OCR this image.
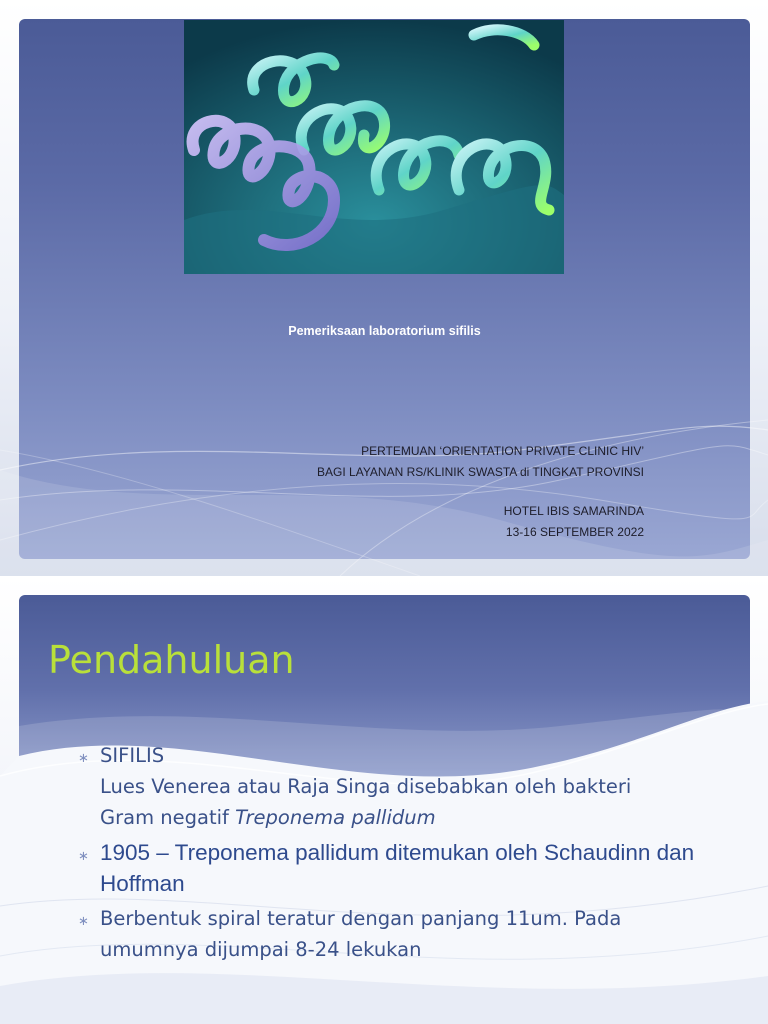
Pemeriksaan laboratorium sifilis
PERTEMUAN ‘ORIENTATION PRIVATE CLINIC HIV’
BAGI LAYANAN RS/KLINIK SWASTA di TINGKAT PROVINSI
HOTEL IBIS SAMARINDA
13-16 SEPTEMBER 2022
Pendahuluan
∗ SIFILIS
Lues Venerea atau Raja Singa disebabkan oleh bakteri
Gram negatif Treponema pallidum
∗ 1905 – Treponema pallidum ditemukan oleh Schaudinn dan Hoffman
∗ Berbentuk spiral teratur dengan panjang 11um. Pada umumnya dijumpai 8-24 lekukan
